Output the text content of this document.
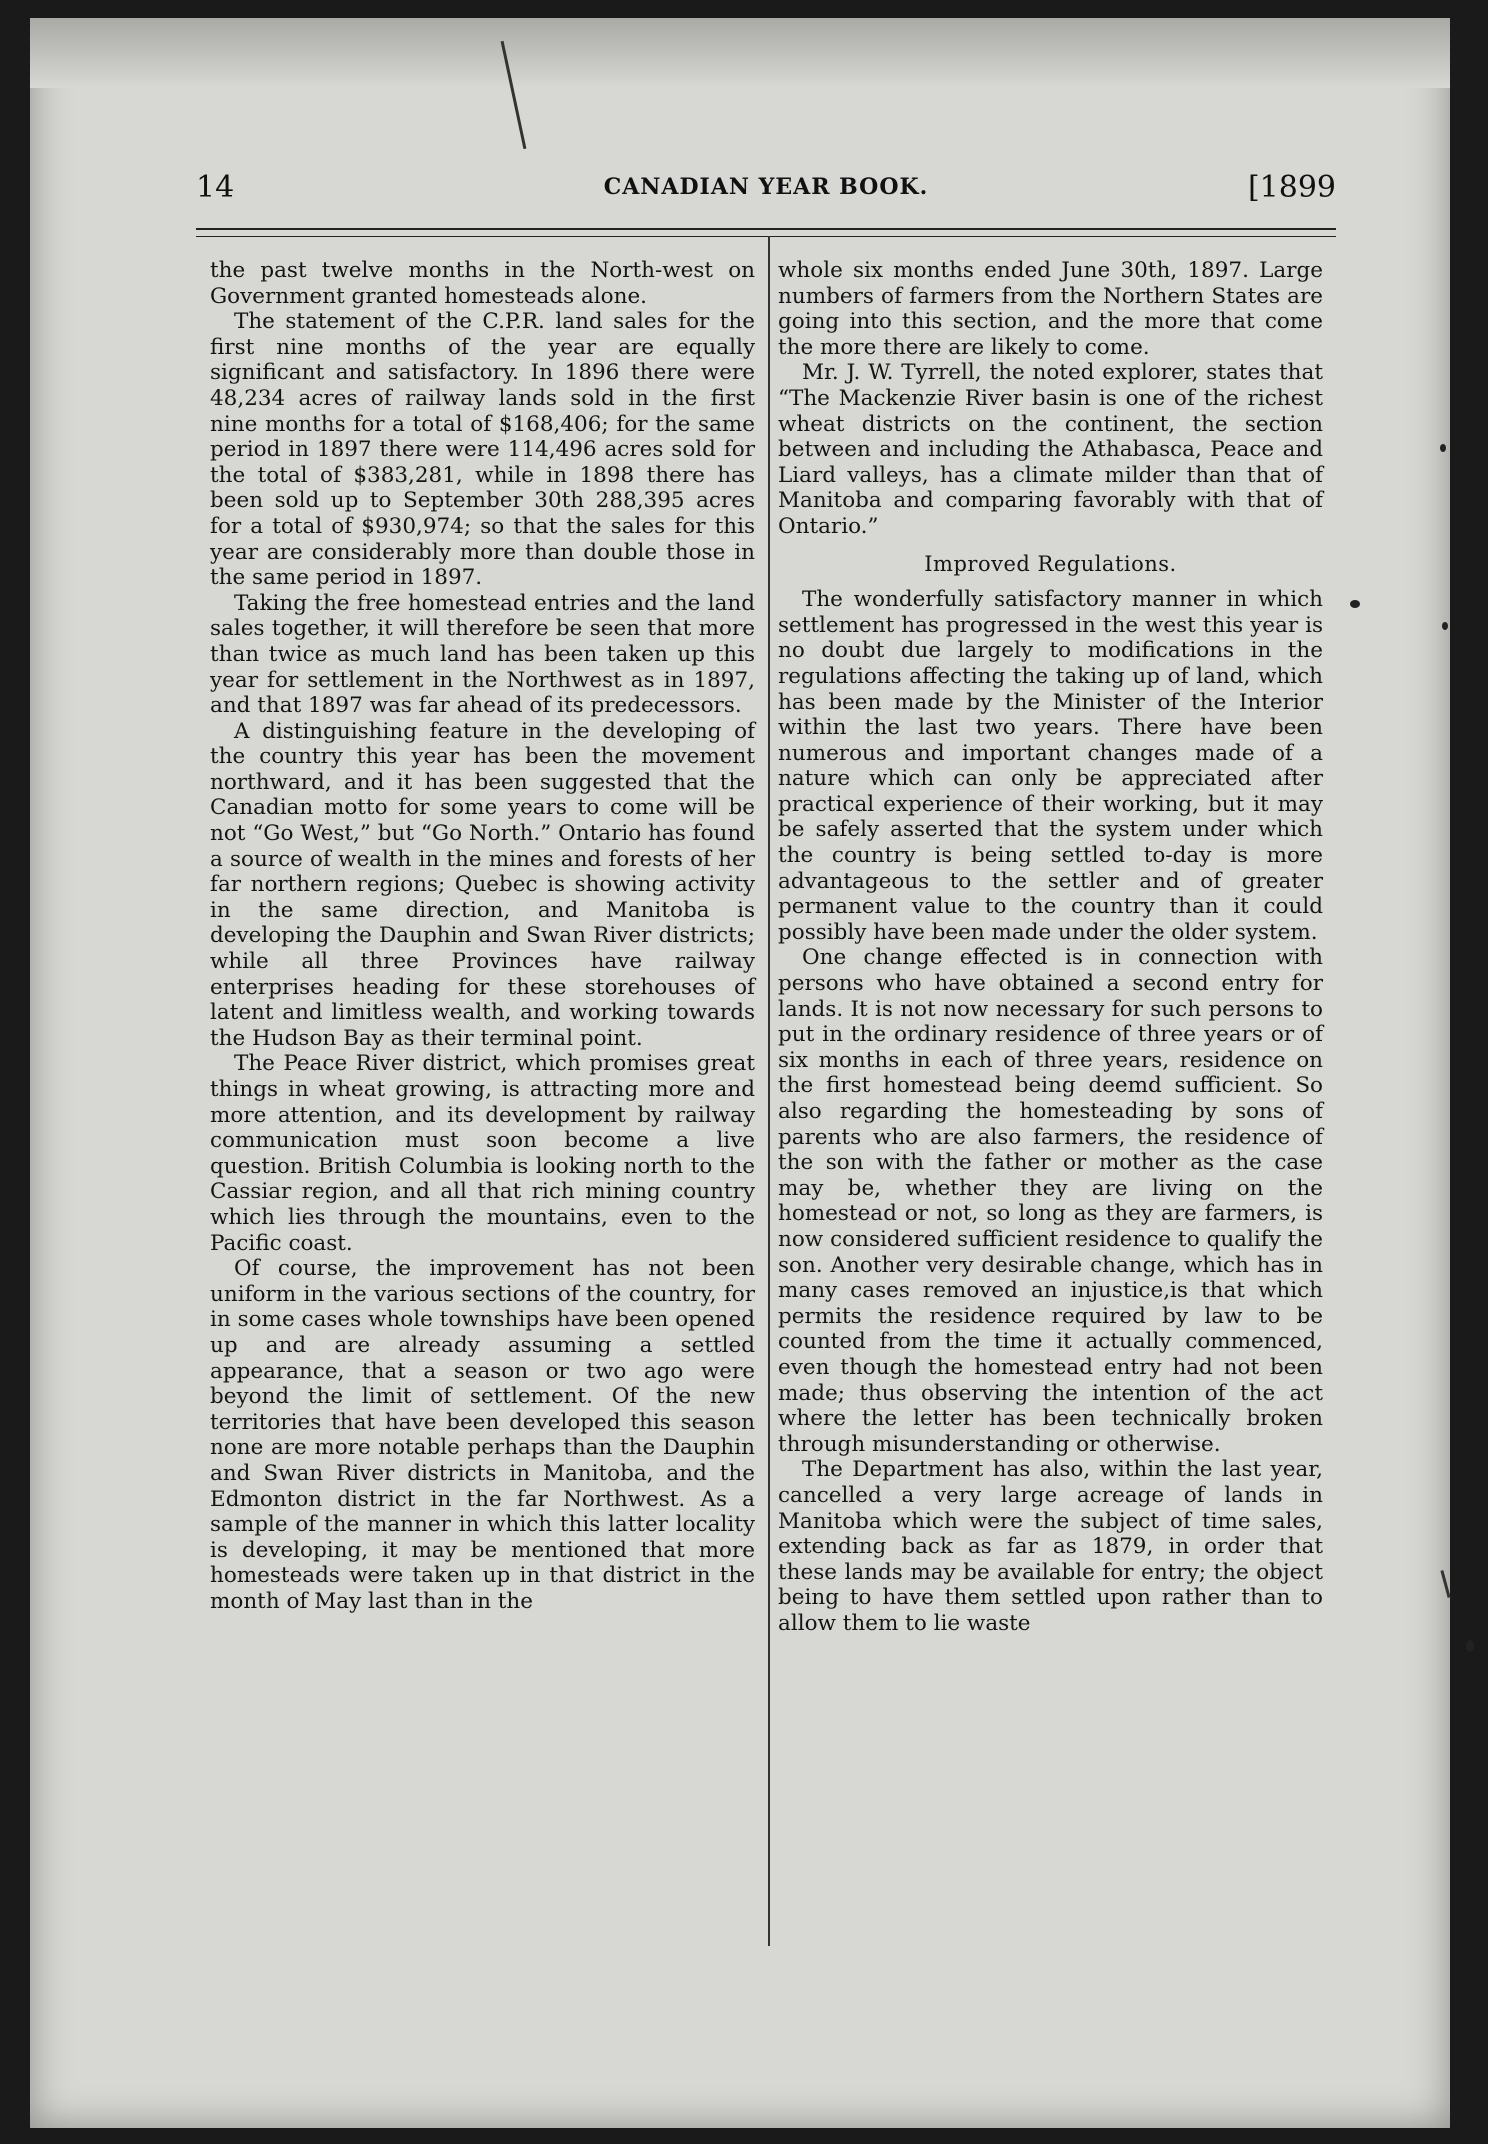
14	CANADIAN YEAR BOOK.	[1899

the past twelve months in the North-west on Government granted homesteads alone.

The statement of the C.P.R. land sales for the first nine months of the year are equally significant and satisfactory. In 1896 there were 48,234 acres of railway lands sold in the first nine months for a total of $168,406; for the same period in 1897 there were 114,496 acres sold for the total of $383,281, while in 1898 there has been sold up to September 30th 288,395 acres for a total of $930,974; so that the sales for this year are considerably more than double those in the same period in 1897.

Taking the free homestead entries and the land sales together, it will therefore be seen that more than twice as much land has been taken up this year for settlement in the Northwest as in 1897, and that 1897 was far ahead of its predecessors.

A distinguishing feature in the developing of the country this year has been the movement northward, and it has been suggested that the Canadian motto for some years to come will be not “Go West,” but “Go North.” Ontario has found a source of wealth in the mines and forests of her far northern regions; Quebec is showing activity in the same direction, and Manitoba is developing the Dauphin and Swan River districts; while all three Provinces have railway enterprises heading for these storehouses of latent and limitless wealth, and working towards the Hudson Bay as their terminal point.

The Peace River district, which promises great things in wheat growing, is attracting more and more attention, and its development by railway communication must soon become a live question. British Columbia is looking north to the Cassiar region, and all that rich mining country which lies through the mountains, even to the Pacific coast.

Of course, the improvement has not been uniform in the various sections of the country, for in some cases whole townships have been opened up and are already assuming a settled appearance, that a season or two ago were beyond the limit of settlement. Of the new territories that have been developed this season none are more notable perhaps than the Dauphin and Swan River districts in Manitoba, and the Edmonton district in the far Northwest. As a sample of the manner in which this latter locality is developing, it may be mentioned that more homesteads were taken up in that district in the month of May last than in the

whole six months ended June 30th, 1897. Large numbers of farmers from the Northern States are going into this section, and the more that come the more there are likely to come.

Mr. J. W. Tyrrell, the noted explorer, states that “The Mackenzie River basin is one of the richest wheat districts on the continent, the section between and including the Athabasca, Peace and Liard valleys, has a climate milder than that of Manitoba and comparing favorably with that of Ontario.”

Improved Regulations.

The wonderfully satisfactory manner in which settlement has progressed in the west this year is no doubt due largely to modifications in the regulations affecting the taking up of land, which has been made by the Minister of the Interior within the last two years. There have been numerous and important changes made of a nature which can only be appreciated after practical experience of their working, but it may be safely asserted that the system under which the country is being settled to-day is more advantageous to the settler and of greater permanent value to the country than it could possibly have been made under the older system.

One change effected is in connection with persons who have obtained a second entry for lands. It is not now necessary for such persons to put in the ordinary residence of three years or of six months in each of three years, residence on the first homestead being deemd sufficient. So also regarding the homesteading by sons of parents who are also farmers, the residence of the son with the father or mother as the case may be, whether they are living on the homestead or not, so long as they are farmers, is now considered sufficient residence to qualify the son. Another very desirable change, which has in many cases removed an injustice,is that which permits the residence required by law to be counted from the time it actually commenced, even though the homestead entry had not been made; thus observing the intention of the act where the letter has been technically broken through misunderstanding or otherwise.

The Department has also, within the last year, cancelled a very large acreage of lands in Manitoba which were the subject of time sales, extending back as far as 1879, in order that these lands may be available for entry; the object being to have them settled upon rather than to allow them to lie waste
